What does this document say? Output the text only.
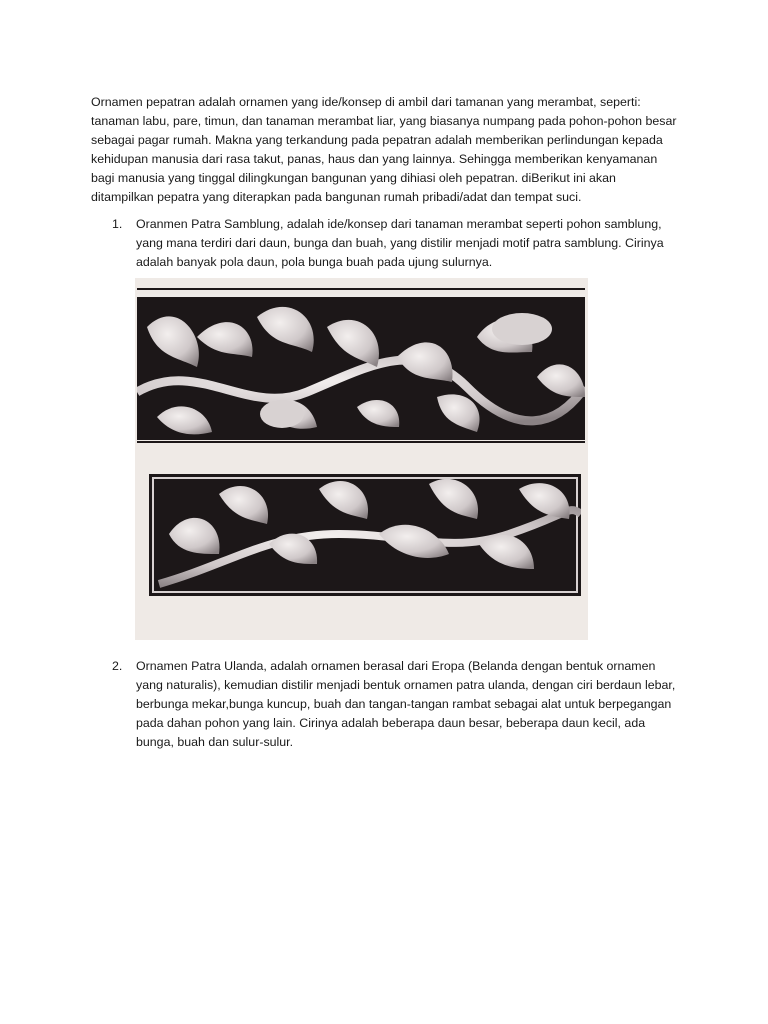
Ornamen pepatran adalah ornamen yang ide/konsep di ambil dari tamanan yang merambat, seperti: tanaman labu, pare, timun, dan tanaman merambat liar, yang biasanya numpang pada pohon-pohon besar sebagai pagar rumah. Makna yang terkandung pada pepatran adalah memberikan perlindungan kepada kehidupan manusia dari rasa takut, panas, haus dan yang lainnya. Sehingga memberikan kenyamanan bagi manusia yang tinggal dilingkungan bangunan yang dihiasi oleh pepatran. diBerikut ini akan ditampilkan pepatra yang diterapkan pada bangunan rumah pribadi/adat dan tempat suci.

1.	Oranmen Patra Samblung, adalah ide/konsep dari tanaman merambat seperti pohon samblung, yang mana terdiri dari daun, bunga dan buah, yang distilir menjadi motif patra samblung. Cirinya adalah banyak pola daun, pola bunga buah pada ujung sulurnya.

2.	Ornamen Patra Ulanda, adalah ornamen berasal dari Eropa (Belanda dengan bentuk ornamen yang naturalis), kemudian distilir menjadi bentuk ornamen patra ulanda, dengan ciri berdaun lebar, berbunga mekar,bunga kuncup, buah dan tangan-tangan rambat sebagai alat untuk berpegangan pada dahan pohon yang lain. Cirinya adalah beberapa daun besar, beberapa daun kecil, ada bunga, buah dan sulur-sulur.
